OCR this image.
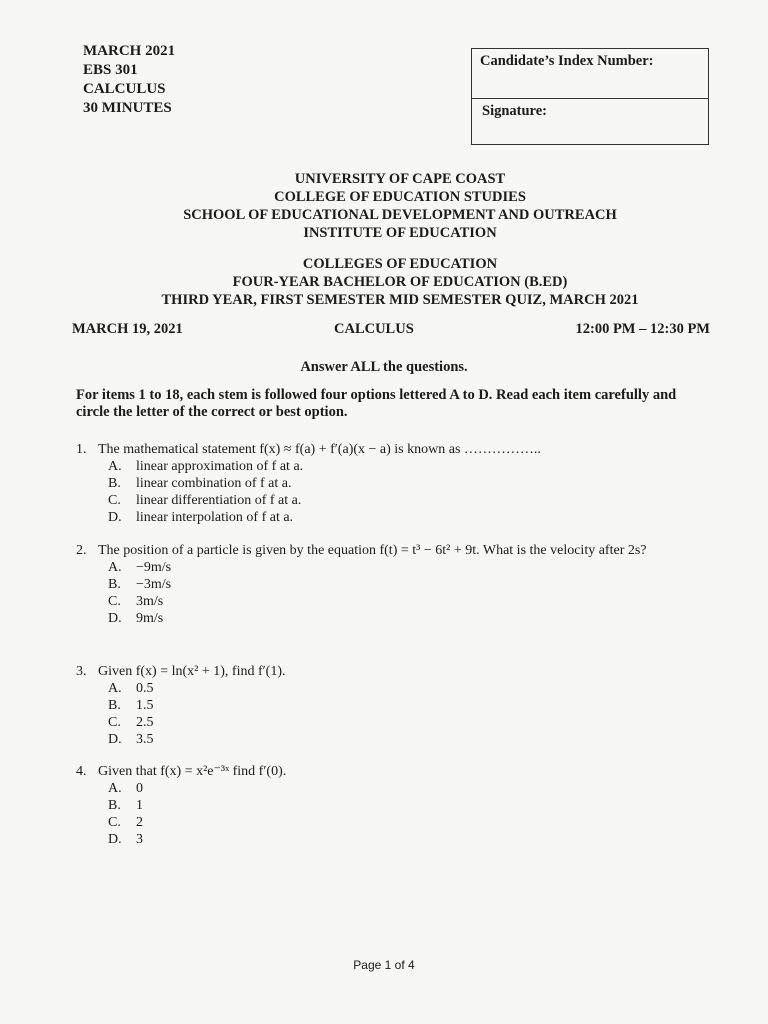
MARCH 2021
EBS 301
CALCULUS
30 MINUTES
Candidate’s Index Number:
Signature:
UNIVERSITY OF CAPE COAST
COLLEGE OF EDUCATION STUDIES
SCHOOL OF EDUCATIONAL DEVELOPMENT AND OUTREACH
INSTITUTE OF EDUCATION
COLLEGES OF EDUCATION
FOUR-YEAR BACHELOR OF EDUCATION (B.ED)
THIRD YEAR, FIRST SEMESTER MID SEMESTER QUIZ, MARCH 2021
MARCH 19, 2021	CALCULUS	12:00 PM – 12:30 PM
Answer ALL the questions.
For items 1 to 18, each stem is followed four options lettered A to D. Read each item carefully and circle the letter of the correct or best option.
1. The mathematical statement f(x) ≈ f(a) + f′(a)(x − a) is known as ……………..
A.	linear approximation of f at a.
B.	linear combination of f at a.
C.	linear differentiation of f at a.
D.	linear interpolation of f at a.
2. The position of a particle is given by the equation f(t) = t³ − 6t² + 9t. What is the velocity after 2s?
A.	−9m/s
B.	−3m/s
C.	3m/s
D.	9m/s
3. Given f(x) = ln(x² + 1), find f′(1).
A.	0.5
B.	1.5
C.	2.5
D.	3.5
4. Given that f(x) = x²e⁻³ˣ find f′(0).
A.	0
B.	1
C.	2
D.	3
Page 1 of 4
